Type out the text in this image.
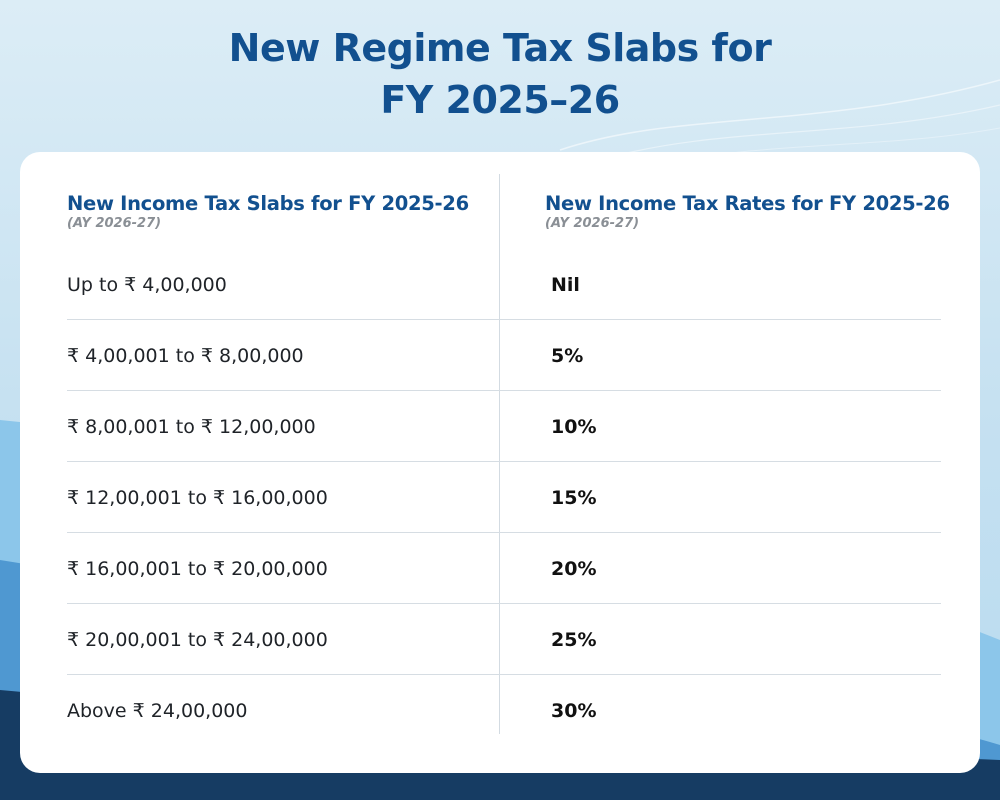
New Regime Tax Slabs for
FY 2025–26
New Income Tax Slabs for FY 2025-26
(AY 2026-27)
New Income Tax Rates for FY 2025-26
(AY 2026-27)
Up to ₹ 4,00,000	Nil
₹ 4,00,001 to ₹ 8,00,000	5%
₹ 8,00,001 to ₹ 12,00,000	10%
₹ 12,00,001 to ₹ 16,00,000	15%
₹ 16,00,001 to ₹ 20,00,000	20%
₹ 20,00,001 to ₹ 24,00,000	25%
Above ₹ 24,00,000	30%
